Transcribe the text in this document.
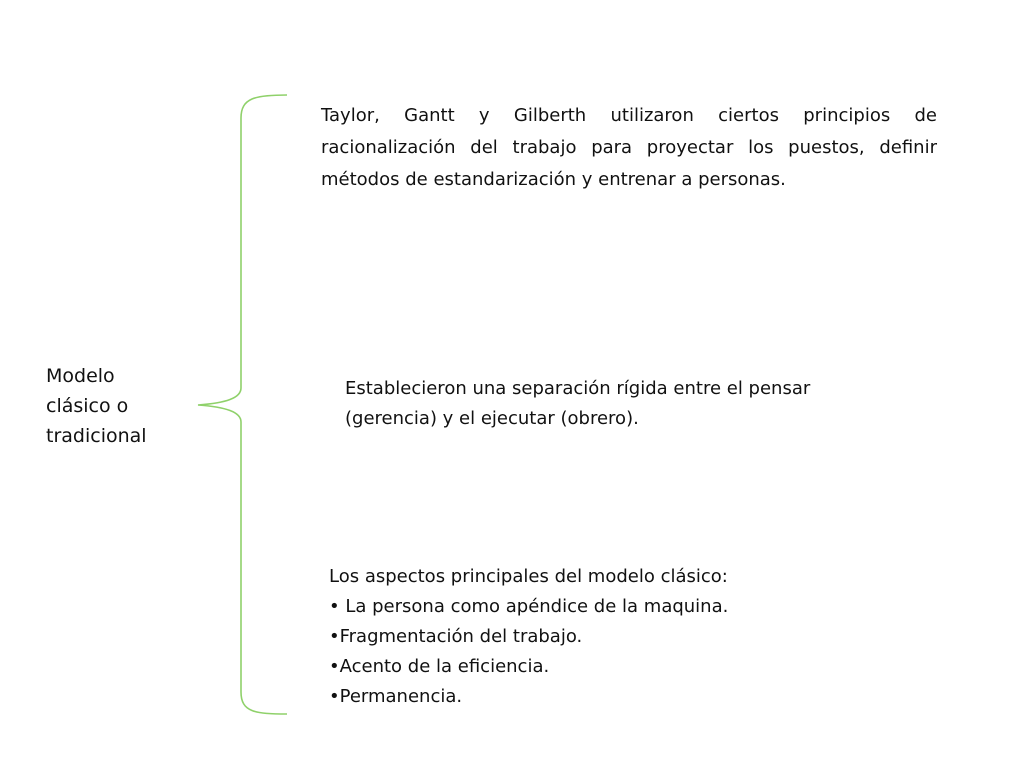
Modelo
clásico o
tradicional
Taylor, Gantt y Gilberth utilizaron ciertos principios de racionalización del trabajo para proyectar los puestos, definir métodos de estandarización y entrenar a personas.
Establecieron una separación rígida entre el pensar (gerencia) y el ejecutar (obrero).
Los aspectos principales del modelo clásico:
• La persona como apéndice de la maquina.
•Fragmentación del trabajo.
•Acento de la eficiencia.
•Permanencia.
